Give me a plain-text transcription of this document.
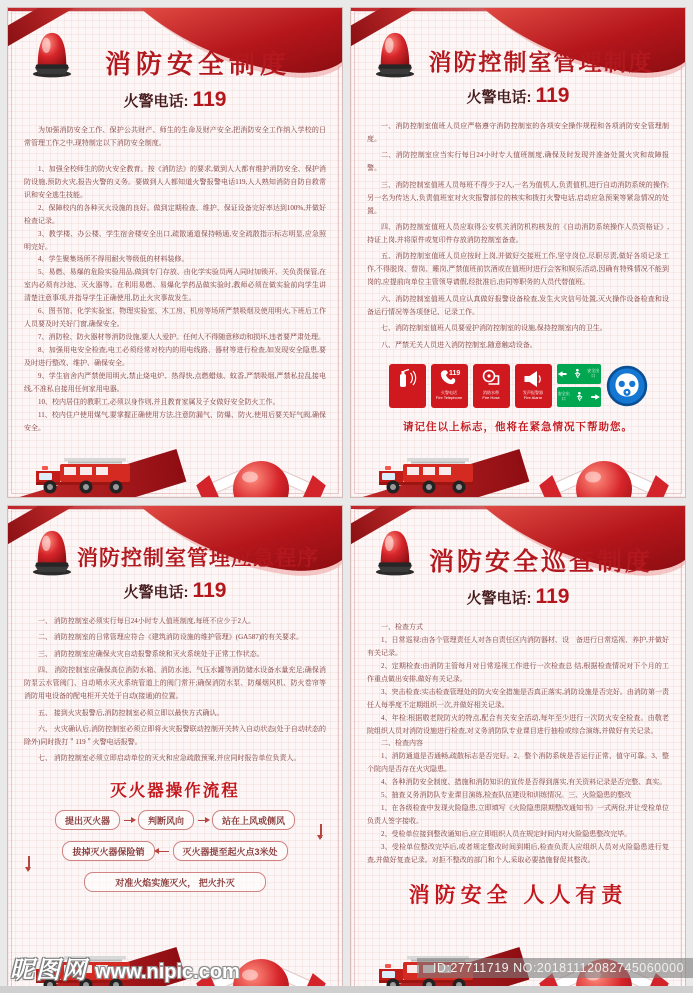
消防安全制度
火警电话: 119

为加强消防安全工作、保护公共财产、师生的生命及财产安全,把消防安全工作纳入学校的日常管理工作之中,现特制定以下消防安全制度。

1、加强全校师生的防火安全教育。按《消防法》的要求,做到人人都有维护消防安全、保护消防设施,预防火灾,报告火警的义务。要做到人人都知道火警报警电话119,人人熟知消防自防自救常识和安全逃生技能。

2、保障校内的各种灭火设施的良好。做到定期检查、维护、保证设备完好率达到100%,并做好检查记录。

3、教学楼、办公楼、学生宿舍楼安全出口,疏散通道保持畅通,安全疏散指示标志明显,应急照明完好。

4、学生聚集场所不得用耐火等级低的材料装修。

5、易燃、易爆的危险实验用品,做到专门存放、由化学实验员两人同时加锁开、关负责保管,在室内必须有沙池、灭火器等。在利用易燃、易爆化学药品做实验时,教师必须在做实验前向学生讲清楚注意事项,并指导学生正确使用,防止火灾事故发生。

6、图书馆、化学实验室、物理实验室、木工房、机房等场所严禁吸烟及使用明火,下班后工作人员要及时关好门窗,确保安全。

7、消防栓、防火器材等消防设施,要人人爱护。任何人不得随意移动和损坏,违者要严肃处理。

8、加强用电安全检查,电工必须经常对校内的用电线路、器材等进行检查,如发现安全隐患,要及时进行整改、维护、确保安全。

9、学生宿舍内严禁使用明火,禁止烧电炉、热得快,点燃蜡烛、蚊香,严禁吸烟,严禁私拉乱接电线,不准私自接用任何家用电器。

10、校内居住的教职工,必须以身作则,并且教育家属及子女做好安全防火工作。

11、校内住户使用煤气,要掌握正确使用方法,注意防漏气、防爆、防火,使用后要关好气阀,确保安全。

消防控制室管理制度
火警电话: 119

一、消防控制室值班人员应严格遵守消防控制室的各项安全操作规程和各项消防安全管理制度。

二、消防控制室应当实行每日24小时专人值班制度,确保及时发现并准备处置火灾和故障报警。

三、消防控制室值班人员每班不得少于2人,一名为值机人,负责值机,进行自动消防系统的操作;另一名为传达人,负责值班室对火灾报警部位的核实和拨打火警电话,启动应急预案等紧急情况的处置。

四、消防控制室值班人员应取得公安机关消防机构核发的《自动消防系统操作人员资格证》,持证上岗,并将原件或复印件存放消防控制室备查。

五、消防控制室值班人员应按时上岗,并做好交接班工作,坚守岗位,尽职尽责,做好各项记录工作,不得脱岗、替岗、睡岗,严禁值班前饮酒或在值班时进行会客和娱乐活动,因确有特殊情况不能到岗的,应提前向单位主管领导请假,经批准后,由同等职务的人员代替值班。

六、消防控制室值班人员应认真做好报警设备检查,发生火灾信号处置,灭火操作设备检查和设备运行情况等各项登记、记录工作。

七、消防控制室值班人员要爱护消防控制室的设施,保持控制室内的卫生。

八、严禁无关人员进入消防控制室,随意触动设备。

119
火警电话
Fire Telephone
消防水带
Fire Hose
发声报警器
Fire Alarm
安全出口
安全出口
请记住以上标志，他将在紧急情况下帮助您。
消防控制室管理应急程序
火警电话: 119

一、 消防控制室必须实行每日24小时专人值班制度,每班不应少于2人。

二、 消防控制室的日常管理应符合《建筑消防设施的维护管理》(GA587)的有关要求。

三、 消防控制室应确保火灾自动报警系统和灭火系统处于正常工作状态。

四、 消防控制室应确保高位消防水箱、消防水池、气压水罐等消防储水设备水量充足;确保消防泵云水管阀门、自动喷水灭火系统管道上的阀门常开;确保消防水泵、防爆烟风机、防火卷帘等消防用电设备的配电柜开关处于自动(接通)的位置。

五、 接到火灾报警后,消防控制室必须立即以最快方式确认。

六、 火灾确认后,消防控制室必须立即将火灾报警联动控制开关转入自动状态(处于自动状态的除外)同时拨打＂119＂火警电话报警。

七、 消防控制室必须立即启动单位的灭火和应急疏散预案,并应同时报告单位负责人。

灭火器操作流程
提出灭火器	判断风向	站在上风或侧风
拔掉灭火器保险销	灭火器提至起火点3米处
对准火焰实施灭火， 把火扑灭
消防安全巡查制度
火警电话: 119

一、检查方式

1、日常巡视:由各个管理责任人对各自责任区内消防器材、设　备进行日常巡视、养护,并做好有关记录。

2、定期检查:由消防主管每月对日常巡视工作进行一次检查总 结,根据检查情况对下个月的工作重点做出安排,做好有关记录。

3、突击检查:实击检查管理处的防火安全措施是否真正落实,消防设施是否完好。由消防第一责任人每季度不定期组织一次,并做好相关记录。

4、年检:根据敬老院防火的特点,配合有关安全活动,每年至少进行一次防火安全检查。由敬老院组织人员对消防设施进行检查,对义务消防队专业课目进行抽检或综合演练,并做好有关记录。

二、检查内容

1、消防通道是否通畅,疏散标志是否完好。2、整个消防系统是否运行正常、值守可靠。3、整个院内是否存在火灾隐患。

4、各种消防安全制度、措施和消防知识的宣传是否得到落实,有关资料记录是否完整、真实。

5、抽查义务消防队专业课目演练,检查队伍建设和训练情况。三、火险隐患的整改

1、在各级检查中发现火险隐患,立即填写《火险隐患限期整改通知书》一式两份,并让受检单位负责人签字接收。

2、受检单位接到整改通知后,应立即组织人员在规定时间内对火险隐患整改完毕。

3、受检单位整改完毕后,或者规定整改时间到期后,检查负责人应组织人员对火险隐患进行复查,并做好复查记录。对拒不整改的部门和个人,采取必要措施督促其整改。

消防安全 人人有责
昵图网 www.nipic.com	ID:27711719 NO:20181112082745060000
